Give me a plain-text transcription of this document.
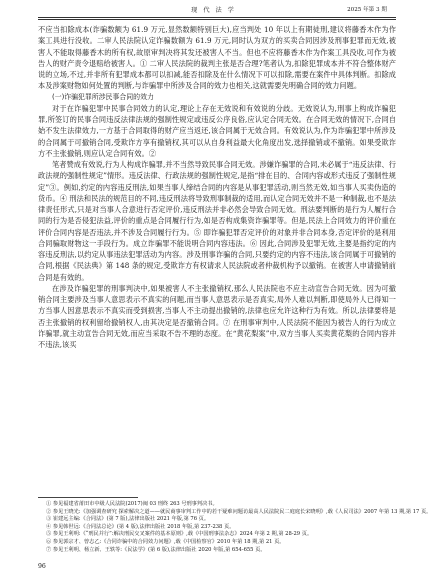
现 代 法 学	2025 年第 3 期

不应当扣除成本(诈骗数额为 61.9 万元,显然数额特别巨大),应当判处 10 年以上有期徒刑,建议将藤香木作为作案工具进行没收。二审人民法院认定诈骗数额为 61.9 万元,同时认为双方的买卖合同因涉及刑事犯罪而无效,被害人不能取得藤香木的所有权,故原审判决将其发还被害人不当。但也不应将藤香木作为作案工具没收,可作为被告人的财产责令退赔给被害人。① 二审人民法院的裁判主张是否合理?笔者认为,扣除犯罪成本并不符合整体财产说的立场,不过,并非所有犯罪成本都可以扣减,能否扣除及在什么情况下可以扣除,需要在案件中具体判断。扣除成本及涉案财物如何处置的判断,与诈骗罪中所涉及合同的效力也相关,这就需要先明确合同的效力问题。

(一)诈骗犯罪所涉民事合同的效力

对于在诈骗犯罪中民事合同效力的认定,理论上存在无效说和有效说的分歧。无效说认为,刑事上构成诈骗犯罪,所签订的民事合同违反法律法规的强制性规定或违反公序良俗,应认定合同无效。在合同无效的情况下,合同自始不发生法律效力,一方基于合同取得的财产应当返还,该合同属于无效合同。有效说认为,作为诈骗犯罪中所涉及的合同属于可撤销合同,受欺诈方享有撤销权,其可以从自身利益最大化角度出发,选择撤销或不撤销。如果受欺诈方不主张撤销,则应认定合同有效。②

笔者赞成有效说,行为人构成诈骗罪,并不当然导致民事合同无效。涉嫌诈骗罪的合同,未必属于“违反法律、行政法规的强制性规定”情形。违反法律、行政法规的强制性规定,是指“排在目的、合同内容或形式违反了强制性规定”③。例如,约定的内容违反刑法,如果当事人缔结合同的内容是从事犯罪活动,则当然无效,如当事人买卖伪造的货币。④ 刑法和民法的规范目的不同,违反刑法将导致刑事制裁的适用,而认定合同无效并不是一种制裁,也不是法律责任形式,只是对当事人合意进行否定评价,违反刑法并非必然会导致合同无效。刑法要判断的是行为人履行合同的行为是否侵犯法益,评价的重点是合同履行行为,如是否构成集资诈骗罪等。但是,民法上合同效力的评价重在评价合同内容是否违法,并不涉及合同履行行为。⑤ 即诈骗犯罪否定评价的对象并非合同本身,否定评价的是利用合同骗取财物这一手段行为。成立诈骗罪不能说明合同内容违法。⑥ 因此,合同涉及犯罪无效,主要是指约定的内容违反刑法,以约定从事违法犯罪活动为内容。涉及刑事诈骗的合同,只要约定的内容不违法,该合同属于可撤销的合同,根据《民法典》第 148 条的规定,受欺诈方有权请求人民法院或者仲裁机构予以撤销。在被害人申请撤销前合同是有效的。

在涉及诈骗犯罪的刑事判决中,如果被害人不主张撤销权,那么人民法院也不应主动宣告合同无效。因为可撤销合同主要涉及当事人意思表示不真实的问题,而当事人意思表示是否真实,局外人难以判断,即使局外人已得知一方当事人因意思表示不真实而受到损害,当事人不主动提出撤销的,法律也应允许这种行为有效。所以,法律要将是否主张撤销的权利留给撤销权人,由其决定是否撤销合同。⑦ 在刑事审判中,人民法院不能因为被告人的行为成立诈骗罪,就主动宣告合同无效,而应当采取不告不理的态度。在“黄花梨案”中,双方当事人买卖黄花梨的合同内容并不违法,该买

① 参见福建省莆田市中级人民法院(2017)闽 03 刑终 263 号刑事判决书。

② 参见王晓光:《加强调查研究 探索解决之道——就民商事审判工作中的若干疑难问题访最高人民法院民二庭庭长宋晓明》,载《人民司法》2007 年第 13 期,第 17 页。

③ 崔建远主编:《合同法》(第 7 版),法律出版社 2021 年版,第 76 页。

④ 参见韩世远:《合同法总论》(第 4 版),法律出版社 2018 年版,第 237-238 页。

⑤ 参见王利明:《“刑民并行”:解决刑民交叉案件的基本原则》,载《中国刑事法杂志》2024 年第 2 期,第 28-29 页。

⑥ 参见郭宗才、曾志乙:《合同诈骗中的合同效力问题》,载《中国检察官》2010 年第 18 期,第 21 页。

⑦ 参见王利明、杨立新、王轶等:《民法学》(第 6 版),法律出版社 2020 年版,第 654-655 页。

96
